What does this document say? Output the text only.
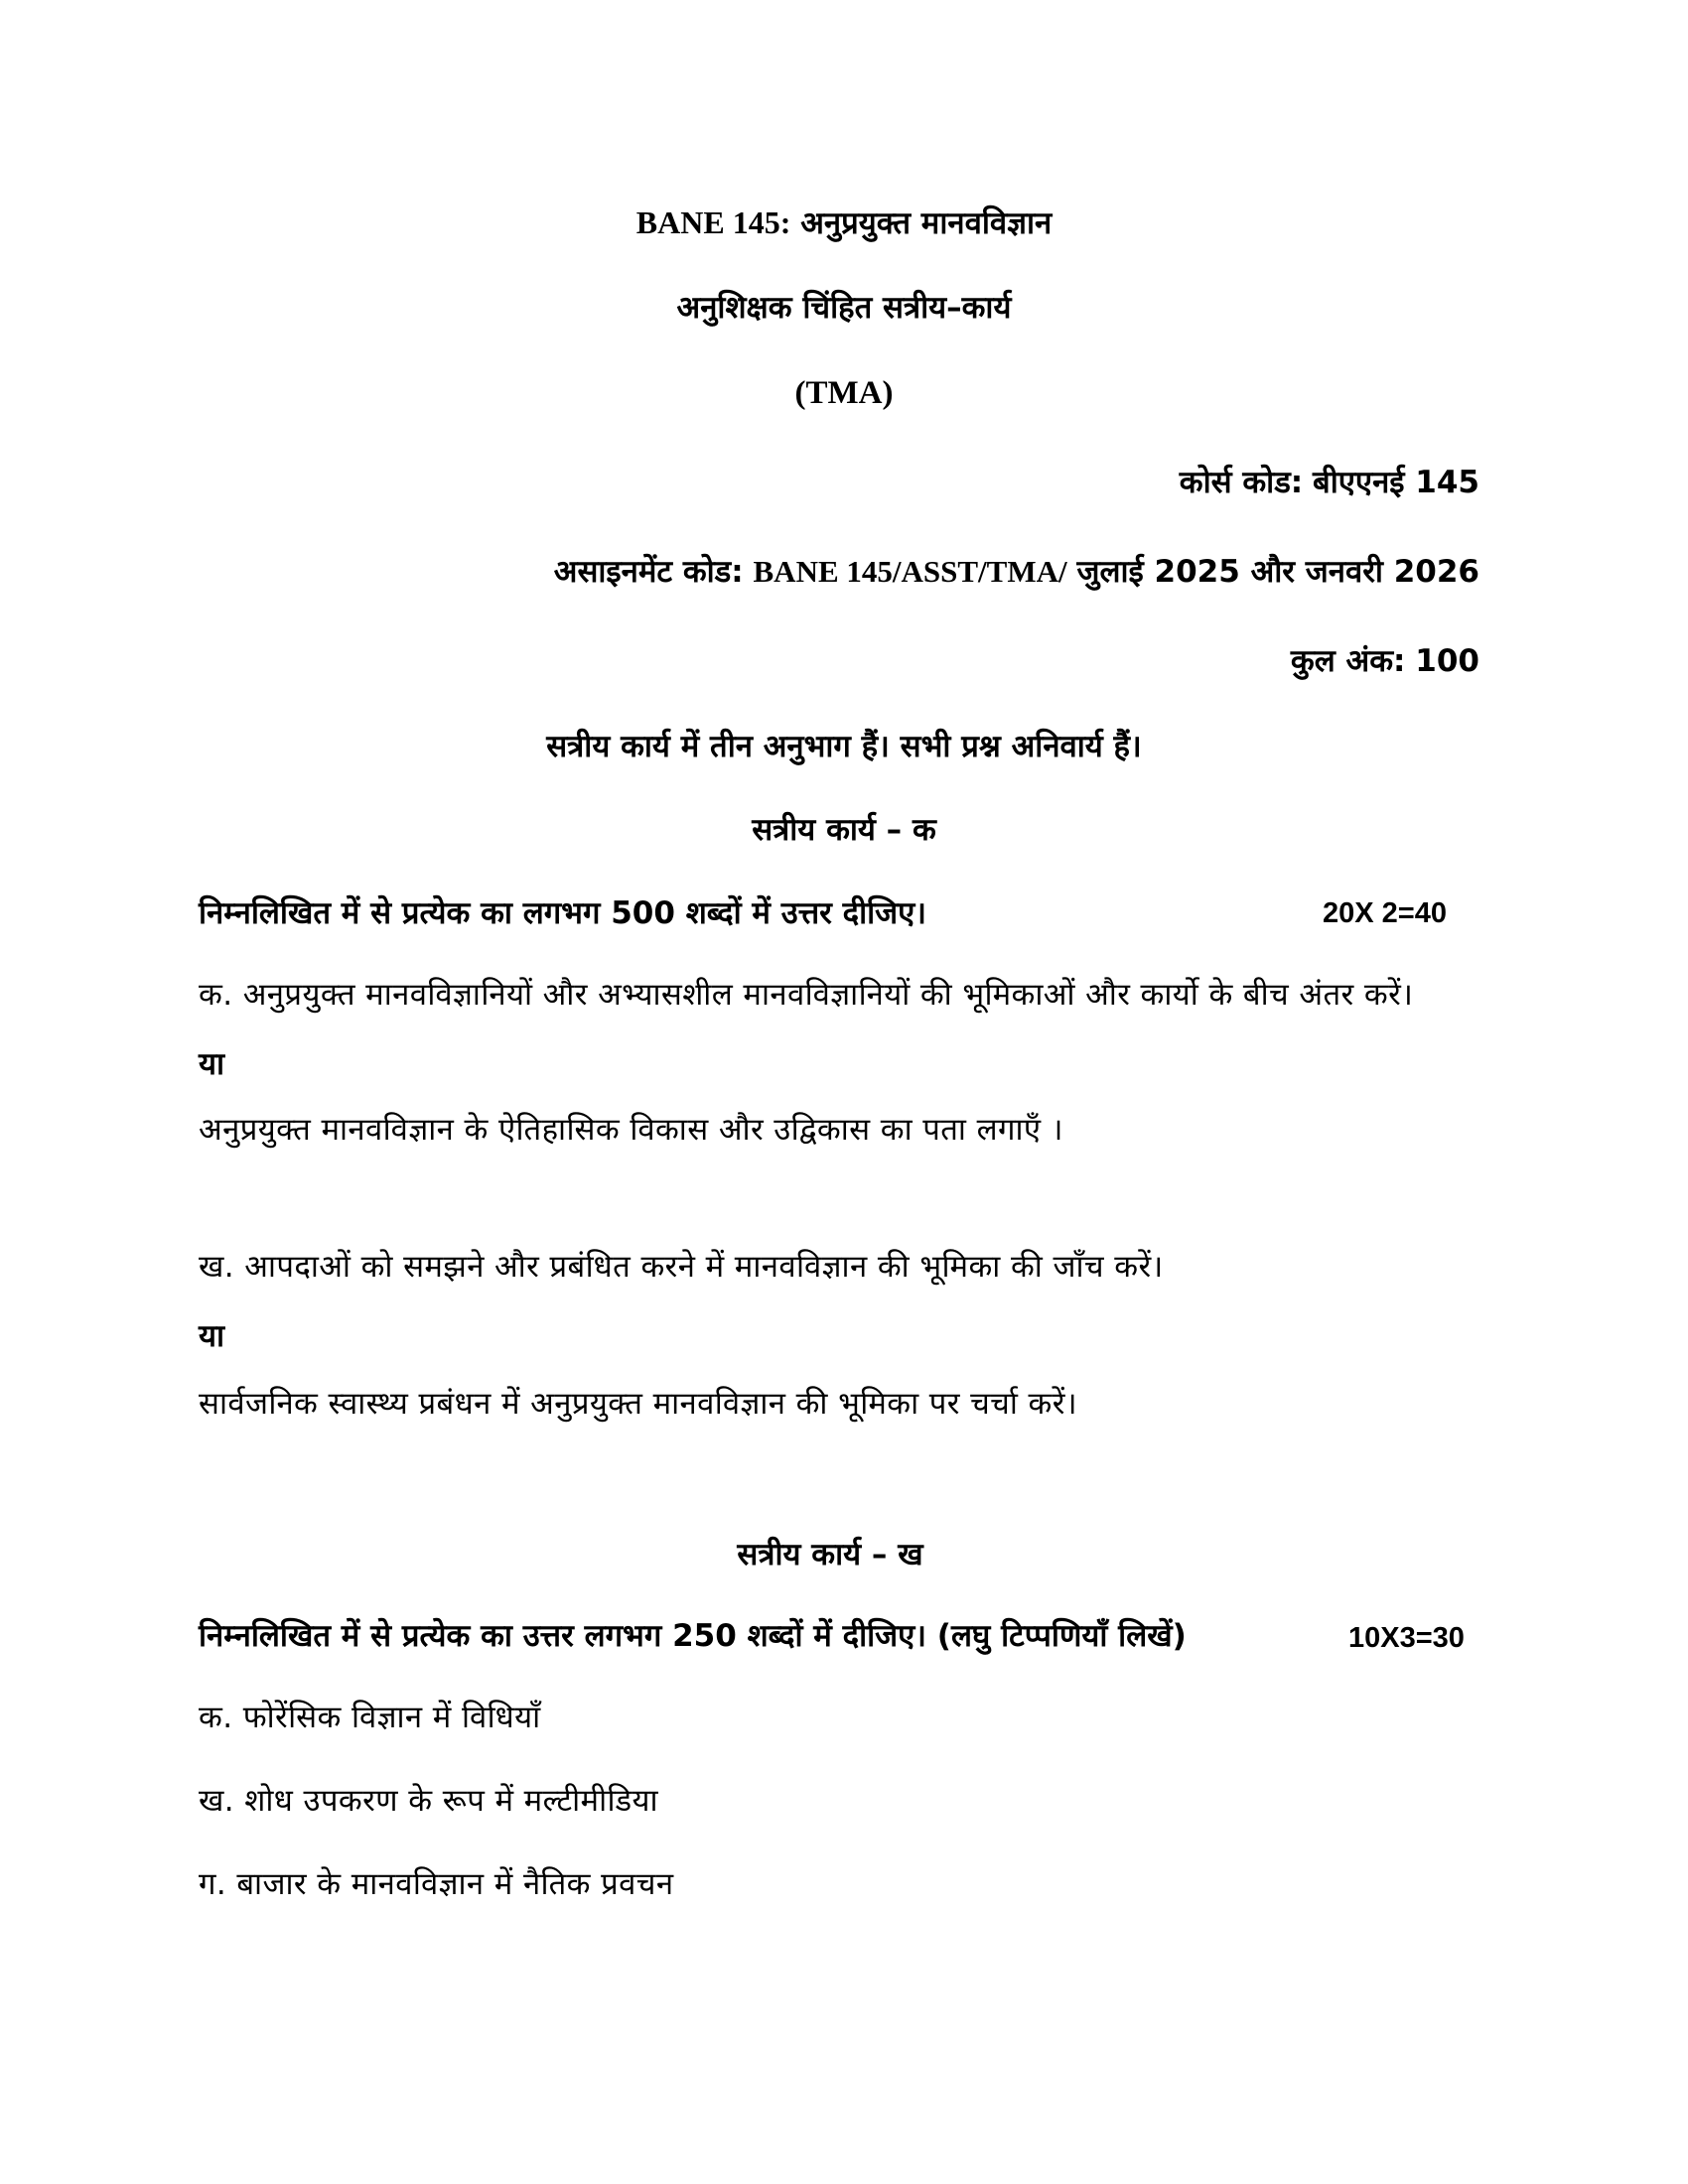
BANE 145: अनुप्रयुक्त मानवविज्ञान
अनुशिक्षक चिंहित सत्रीय–कार्य
(TMA)
कोर्स कोड: बीएएनई 145
असाइनमेंट कोड: BANE 145/ASST/TMA/ जुलाई 2025 और जनवरी 2026
कुल अंक: 100
सत्रीय कार्य में तीन अनुभाग हैं। सभी प्रश्न अनिवार्य हैं।
सत्रीय कार्य – क
निम्नलिखित में से प्रत्येक का लगभग 500 शब्दों में उत्तर दीजिए।	20X 2=40
क. अनुप्रयुक्त मानवविज्ञानियों और अभ्यासशील मानवविज्ञानियों की भूमिकाओं और कार्यो के बीच अंतर करें।
या
अनुप्रयुक्त मानवविज्ञान के ऐतिहासिक विकास और उद्विकास का पता लगाएँ ।
ख. आपदाओं को समझने और प्रबंधित करने में मानवविज्ञान की भूमिका की जाँच करें।
या
सार्वजनिक स्वास्थ्य प्रबंधन में अनुप्रयुक्त मानवविज्ञान की भूमिका पर चर्चा करें।
सत्रीय कार्य – ख
निम्नलिखित में से प्रत्येक का उत्तर लगभग 250 शब्दों में दीजिए। (लघु टिप्पणियाँ लिखें)	10X3=30
क. फोरेंसिक विज्ञान में विधियाँ
ख. शोध उपकरण के रूप में मल्टीमीडिया
ग. बाजार के मानवविज्ञान में नैतिक प्रवचन
